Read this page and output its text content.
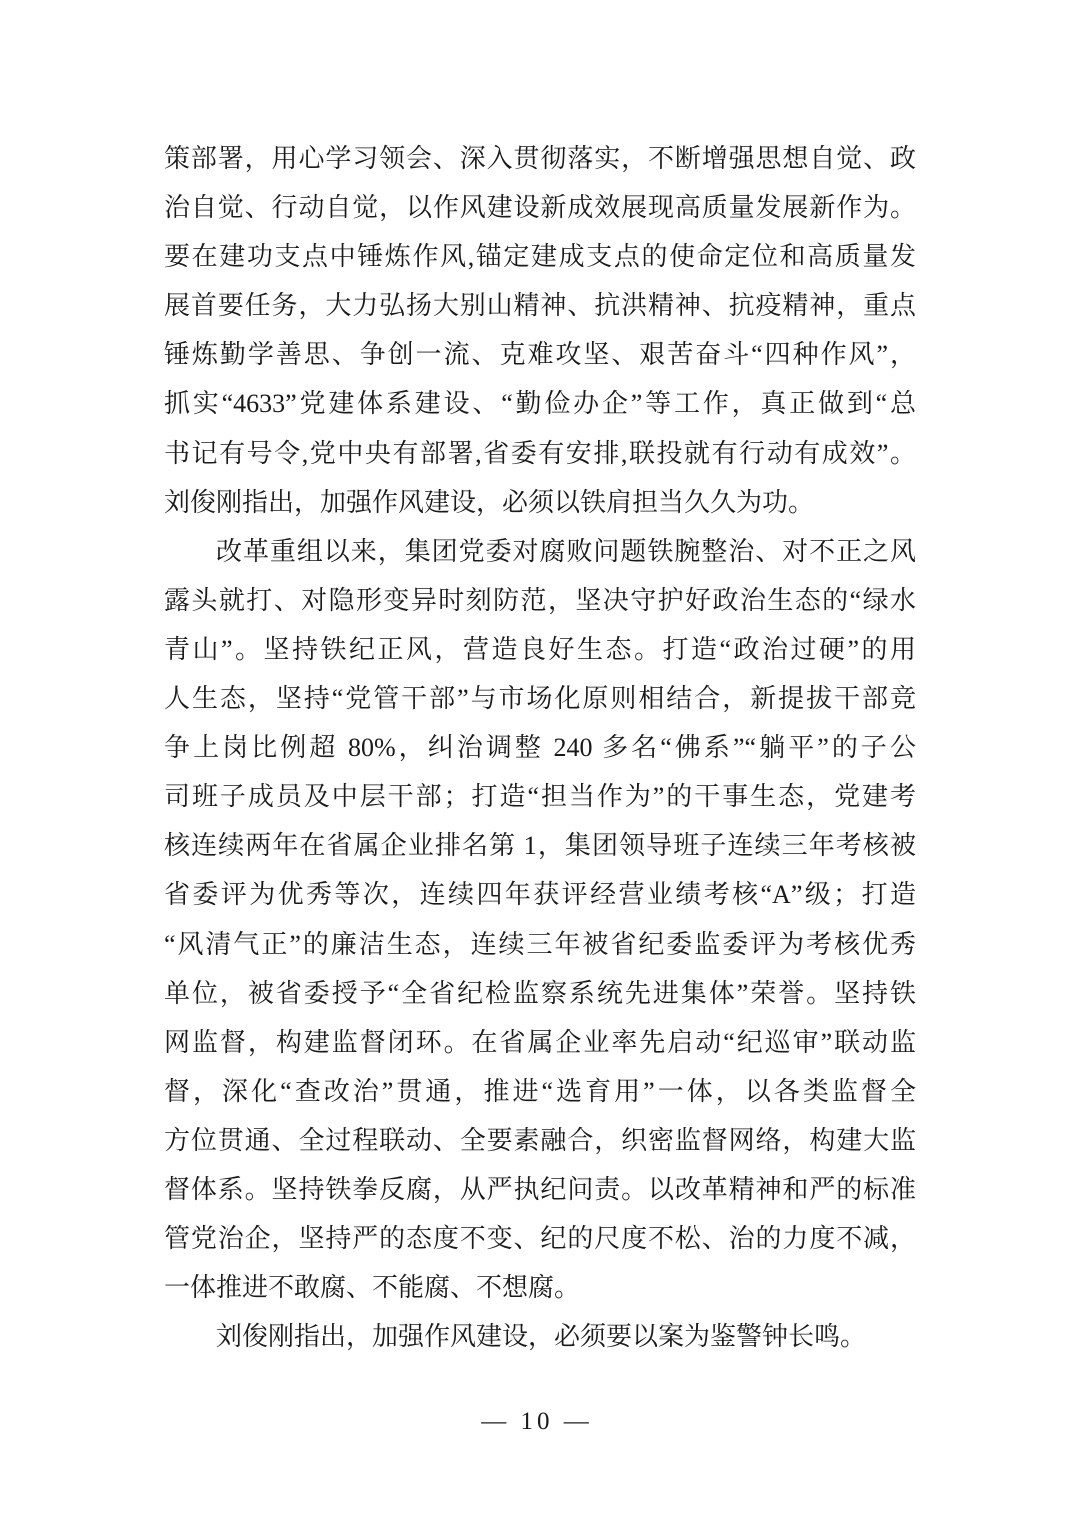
策部署，用心学习领会、深入贯彻落实，不断增强思想自觉、政
治自觉、行动自觉，以作风建设新成效展现高质量发展新作为。
要在建功支点中锤炼作风,锚定建成支点的使命定位和高质量发
展首要任务，大力弘扬大别山精神、抗洪精神、抗疫精神，重点
锤炼勤学善思、争创一流、克难攻坚、艰苦奋斗“四种作风”，
抓实“4633”党建体系建设、“勤俭办企”等工作，真正做到“总
书记有号令,党中央有部署,省委有安排,联投就有行动有成效”。
刘俊刚指出，加强作风建设，必须以铁肩担当久久为功。
改革重组以来，集团党委对腐败问题铁腕整治、对不正之风
露头就打、对隐形变异时刻防范，坚决守护好政治生态的“绿水
青山”。坚持铁纪正风，营造良好生态。打造“政治过硬”的用
人生态，坚持“党管干部”与市场化原则相结合，新提拔干部竞
争上岗比例超 80%，纠治调整 240 多名“佛系”“躺平”的子公
司班子成员及中层干部；打造“担当作为”的干事生态，党建考
核连续两年在省属企业排名第 1，集团领导班子连续三年考核被
省委评为优秀等次，连续四年获评经营业绩考核“A”级；打造
“风清气正”的廉洁生态，连续三年被省纪委监委评为考核优秀
单位，被省委授予“全省纪检监察系统先进集体”荣誉。坚持铁
网监督，构建监督闭环。在省属企业率先启动“纪巡审”联动监
督，深化“查改治”贯通，推进“选育用”一体，以各类监督全
方位贯通、全过程联动、全要素融合，织密监督网络，构建大监
督体系。坚持铁拳反腐，从严执纪问责。以改革精神和严的标准
管党治企，坚持严的态度不变、纪的尺度不松、治的力度不减，
一体推进不敢腐、不能腐、不想腐。
刘俊刚指出，加强作风建设，必须要以案为鉴警钟长鸣。
— 10 —
